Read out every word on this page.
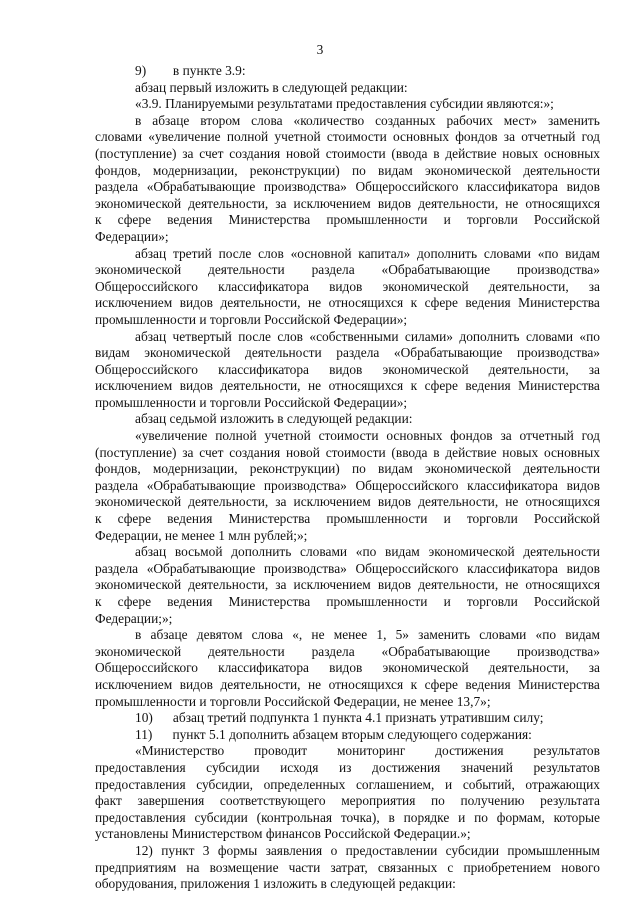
3
9)        в пункте 3.9:
абзац первый изложить в следующей редакции:
«3.9. Планируемыми результатами предоставления субсидии являются:»;
в абзаце втором слова «количество созданных рабочих мест» заменить
словами «увеличение полной учетной стоимости основных фондов за отчетный год
(поступление) за счет создания новой стоимости (ввода в действие новых основных
фондов, модернизации, реконструкции) по видам экономической деятельности
раздела «Обрабатывающие производства» Общероссийского классификатора видов
экономической деятельности, за исключением видов деятельности, не относящихся
к сфере ведения Министерства промышленности и торговли Российской
Федерации»;
абзац третий после слов «основной капитал» дополнить словами «по видам
экономической деятельности раздела «Обрабатывающие производства»
Общероссийского классификатора видов экономической деятельности, за
исключением видов деятельности, не относящихся к сфере ведения Министерства
промышленности и торговли Российской Федерации»;
абзац четвертый после слов «собственными силами» дополнить словами «по
видам экономической деятельности раздела «Обрабатывающие производства»
Общероссийского классификатора видов экономической деятельности, за
исключением видов деятельности, не относящихся к сфере ведения Министерства
промышленности и торговли Российской Федерации»;
абзац седьмой изложить в следующей редакции:
«увеличение полной учетной стоимости основных фондов за отчетный год
(поступление) за счет создания новой стоимости (ввода в действие новых основных
фондов, модернизации, реконструкции) по видам экономической деятельности
раздела «Обрабатывающие производства» Общероссийского классификатора видов
экономической деятельности, за исключением видов деятельности, не относящихся
к сфере ведения Министерства промышленности и торговли Российской
Федерации, не менее 1 млн рублей;»;
абзац восьмой дополнить словами «по видам экономической деятельности
раздела «Обрабатывающие производства» Общероссийского классификатора видов
экономической деятельности, за исключением видов деятельности, не относящихся
к сфере ведения Министерства промышленности и торговли Российской
Федерации;»;
в абзаце девятом слова «, не менее 1, 5» заменить словами «по видам
экономической деятельности раздела «Обрабатывающие производства»
Общероссийского классификатора видов экономической деятельности, за
исключением видов деятельности, не относящихся к сфере ведения Министерства
промышленности и торговли Российской Федерации, не менее 13,7»;
10)      абзац третий подпункта 1 пункта 4.1 признать утратившим силу;
11)      пункт 5.1 дополнить абзацем вторым следующего содержания:
«Министерство проводит мониторинг достижения результатов
предоставления субсидии исходя из достижения значений результатов
предоставления субсидии, определенных соглашением, и событий, отражающих
факт завершения соответствующего мероприятия по получению результата
предоставления субсидии (контрольная точка), в порядке и по формам, которые
установлены Министерством финансов Российской Федерации.»;
12) пункт 3 формы заявления о предоставлении субсидии промышленным
предприятиям на возмещение части затрат, связанных с приобретением нового
оборудования, приложения 1 изложить в следующей редакции:
